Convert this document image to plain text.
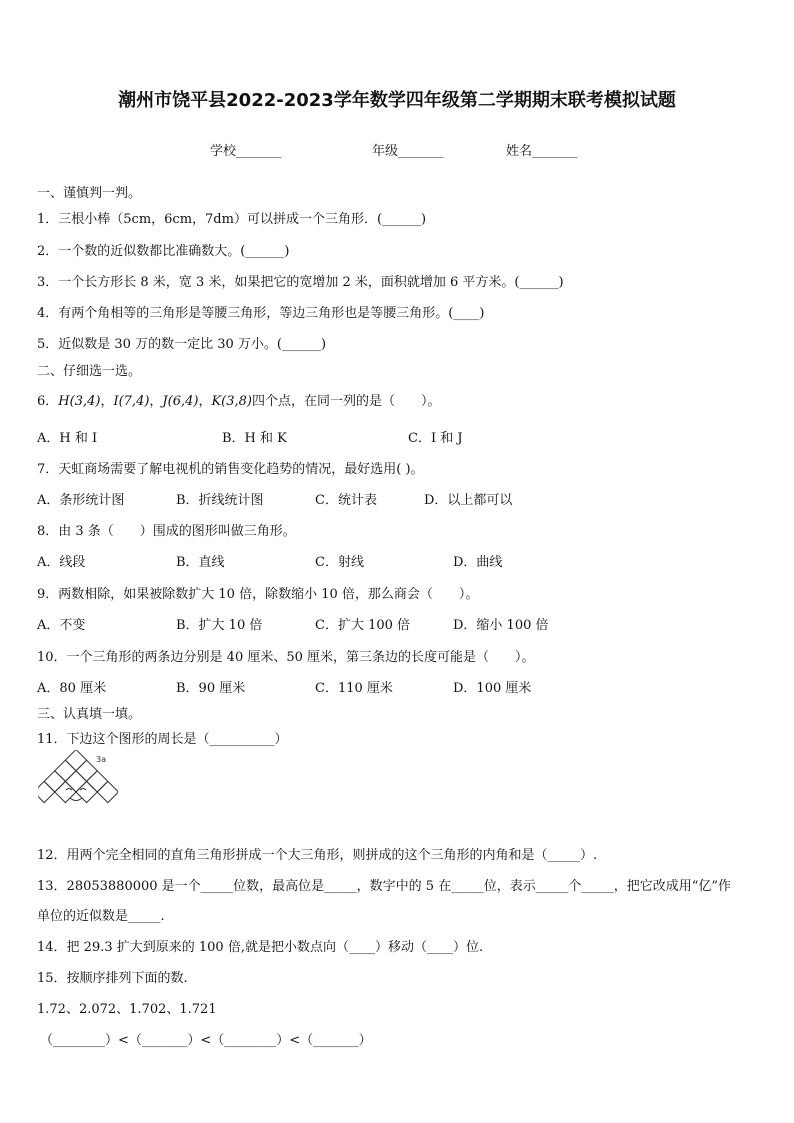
潮州市饶平县2022-2023学年数学四年级第二学期期末联考模拟试题
学校_______	年级_______	姓名_______
一、谨慎判一判。
1．三根小棒（5cm，6cm，7dm）可以拼成一个三角形．(______)
2．一个数的近似数都比准确数大。(______)
3．一个长方形长 8 米，宽 3 米，如果把它的宽增加 2 米，面积就增加 6 平方米。(______)
4．有两个角相等的三角形是等腰三角形，等边三角形也是等腰三角形。(____)
5．近似数是 30 万的数一定比 30 万小。(______)
二、仔细选一选。
6．H(3,4)，I(7,4)，J(6,4)，K(3,8)四个点，在同一列的是（　　）。
A．H 和 I	B．H 和 K	C．I 和 J
7．天虹商场需要了解电视机的销售变化趋势的情况，最好选用( )。
A．条形统计图	B．折线统计图	C．统计表	D．以上都可以
8．由 3 条（　　）围成的图形叫做三角形。
A．线段	B．直线	C．射线	D．曲线
9．两数相除，如果被除数扩大 10 倍，除数缩小 10 倍，那么商会（　　）。
A．不变	B．扩大 10 倍	C．扩大 100 倍	D．缩小 100 倍
10．一个三角形的两条边分别是 40 厘米、50 厘米，第三条边的长度可能是（　　）。
A．80 厘米	B．90 厘米	C．110 厘米	D．100 厘米
三、认真填一填。
11．下边这个图形的周长是（__________）
3a
12．用两个完全相同的直角三角形拼成一个大三角形，则拼成的这个三角形的内角和是（_____）.
13．28053880000 是一个_____位数，最高位是_____，数字中的 5 在_____位，表示_____个_____，把它改成用“亿”作
单位的近似数是_____.
14．把 29.3 扩大到原来的 100 倍,就是把小数点向（____）移动（____）位.
15．按顺序排列下面的数.
1.72、2.072、1.702、1.721
（________）<（_______）<（________）<（_______）
